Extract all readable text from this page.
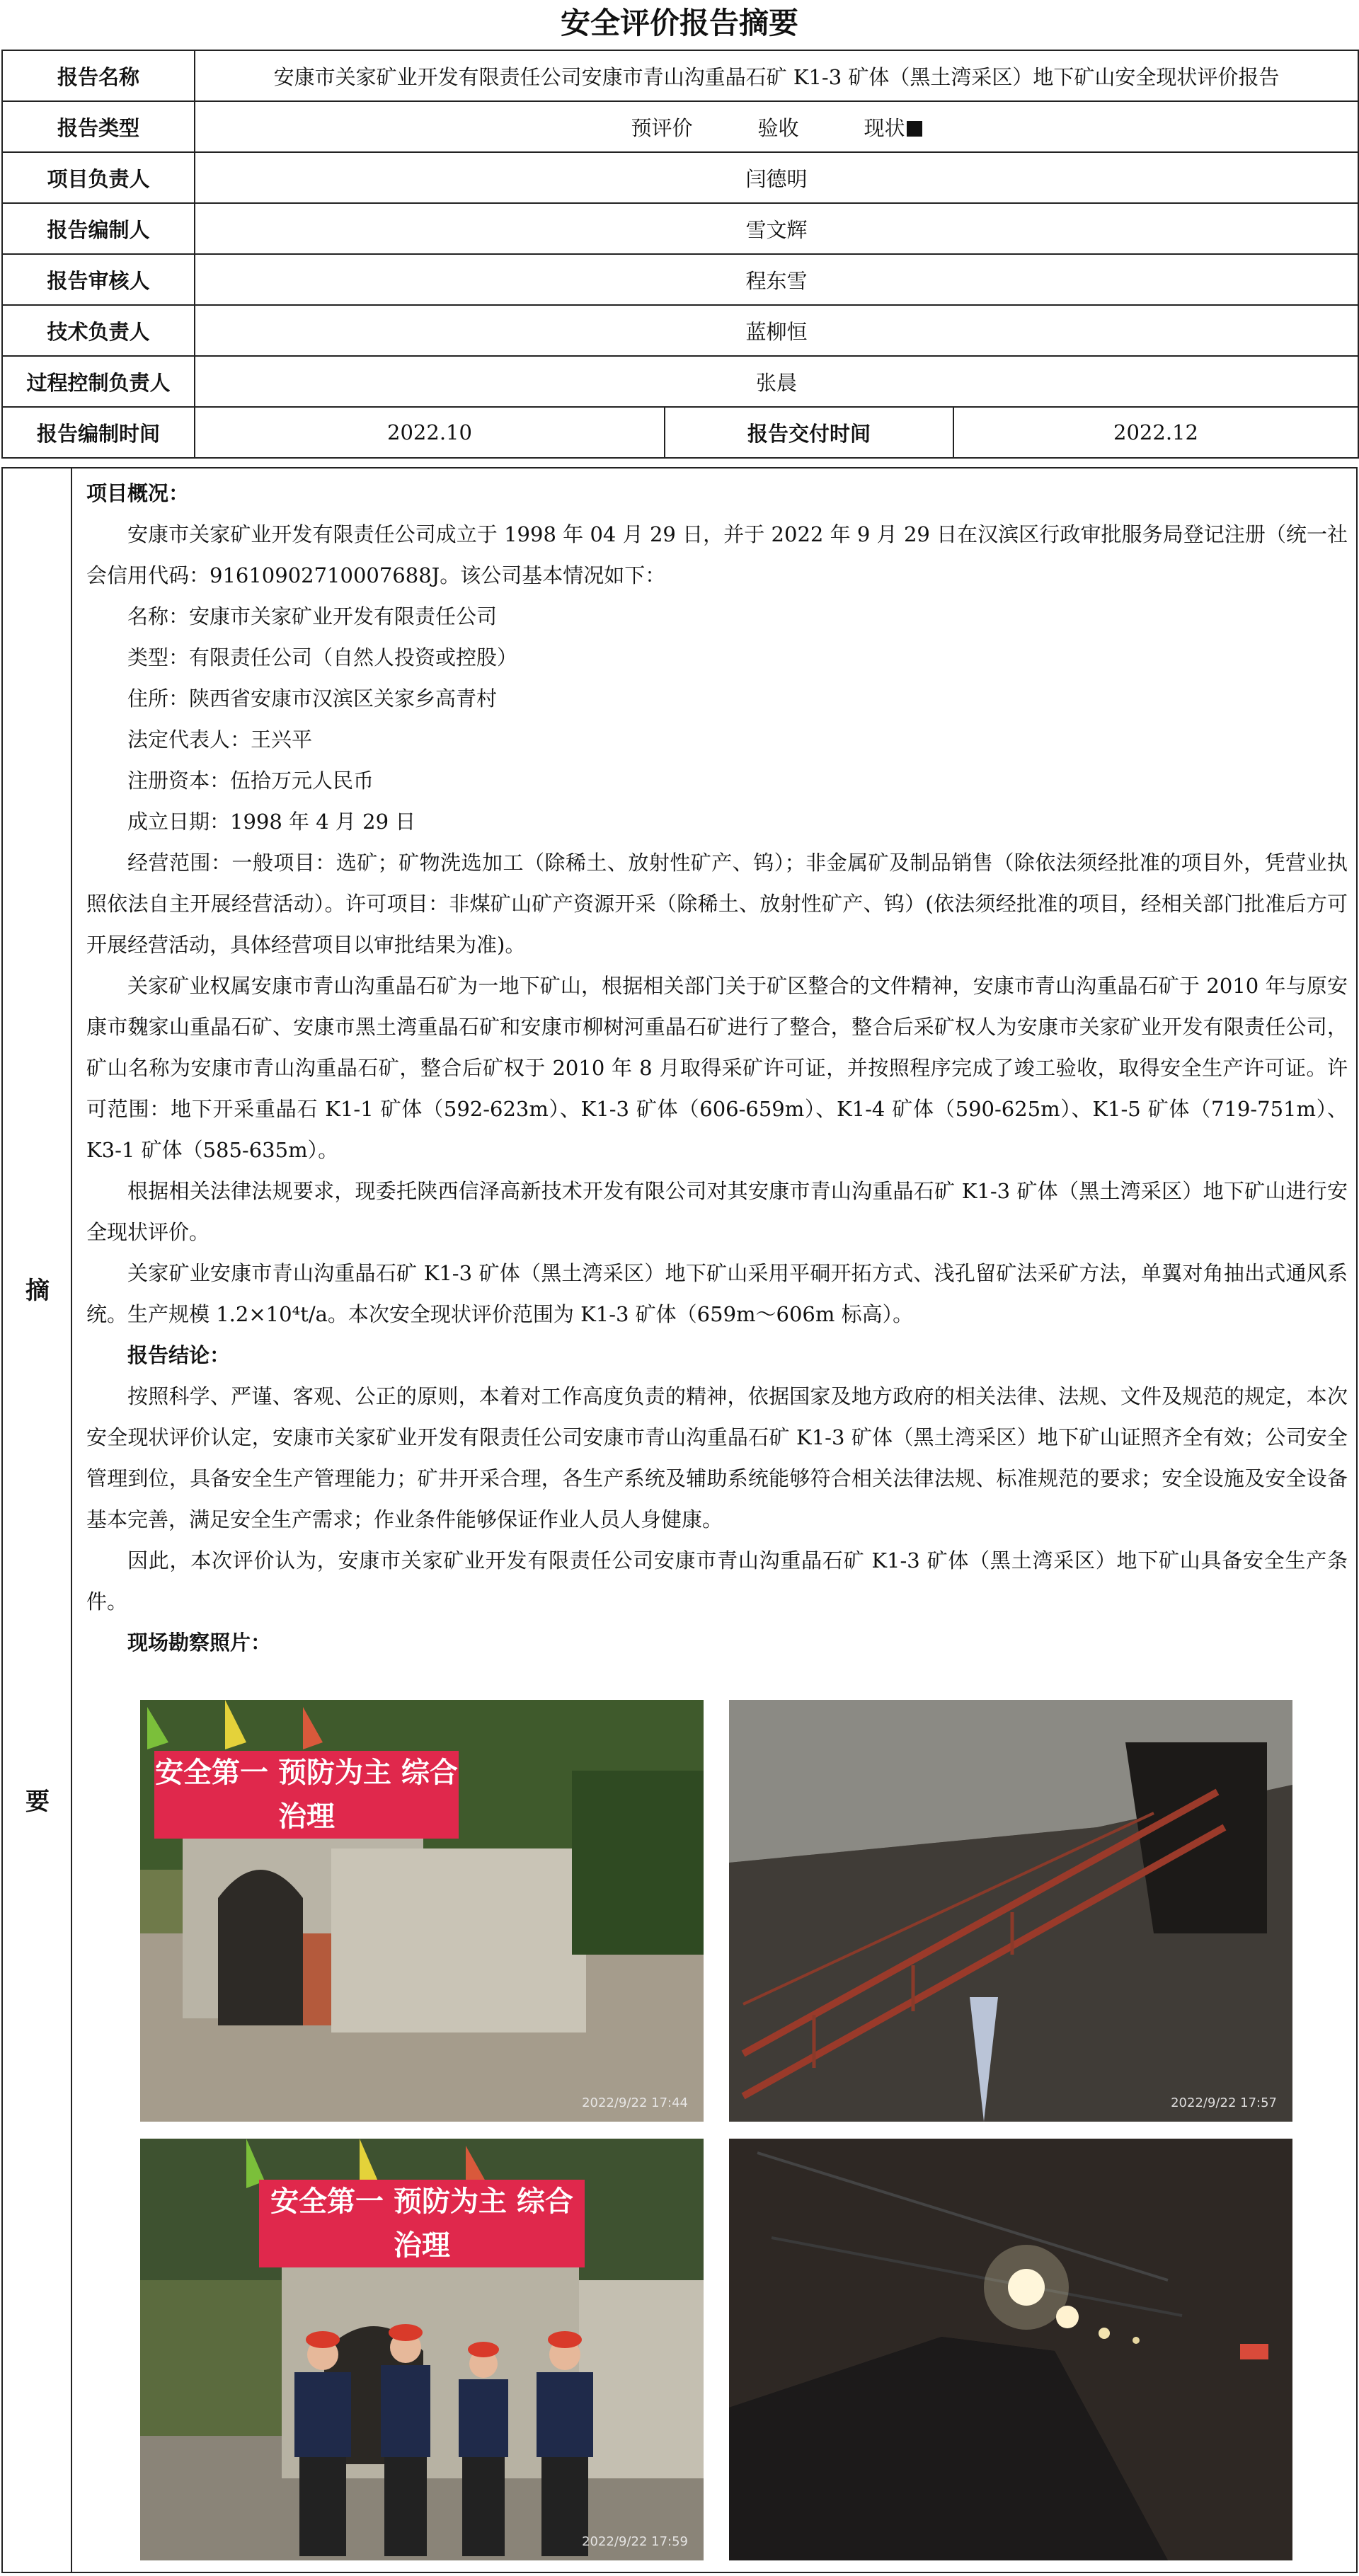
安全评价报告摘要
报告名称	安康市关家矿业开发有限责任公司安康市青山沟重晶石矿 K1-3 矿体（黑土湾采区）地下矿山安全现状评价报告		
报告类型	预评价 验收 现状		
项目负责人	闫德明		
报告编制人	雪文辉		
报告审核人	程东雪		
技术负责人	蓝柳恒		
过程控制负责人	张晨		
报告编制时间	2022.10	报告交付时间	2022.12
摘
要

项目概况：

安康市关家矿业开发有限责任公司成立于 1998 年 04 月 29 日，并于 2022 年 9 月 29 日在汉滨区行政审批服务局登记注册（统一社会信用代码：91610902710007688J。该公司基本情况如下：

名称：安康市关家矿业开发有限责任公司

类型：有限责任公司（自然人投资或控股）

住所：陕西省安康市汉滨区关家乡高青村

法定代表人：王兴平

注册资本：伍拾万元人民币

成立日期：1998 年 4 月 29 日

经营范围：一般项目：选矿；矿物洗选加工（除稀土、放射性矿产、钨）；非金属矿及制品销售（除依法须经批准的项目外，凭营业执照依法自主开展经营活动）。许可项目：非煤矿山矿产资源开采（除稀土、放射性矿产、钨）(依法须经批准的项目，经相关部门批准后方可开展经营活动，具体经营项目以审批结果为准)。

关家矿业权属安康市青山沟重晶石矿为一地下矿山，根据相关部门关于矿区整合的文件精神，安康市青山沟重晶石矿于 2010 年与原安康市魏家山重晶石矿、安康市黑土湾重晶石矿和安康市柳树河重晶石矿进行了整合，整合后采矿权人为安康市关家矿业开发有限责任公司，矿山名称为安康市青山沟重晶石矿，整合后矿权于 2010 年 8 月取得采矿许可证，并按照程序完成了竣工验收，取得安全生产许可证。许可范围：地下开采重晶石 K1-1 矿体（592-623m）、K1-3 矿体（606-659m）、K1-4 矿体（590-625m）、K1-5 矿体（719-751m）、K3-1 矿体（585-635m）。

根据相关法律法规要求，现委托陕西信泽高新技术开发有限公司对其安康市青山沟重晶石矿 K1-3 矿体（黑土湾采区）地下矿山进行安全现状评价。

关家矿业安康市青山沟重晶石矿 K1-3 矿体（黑土湾采区）地下矿山采用平硐开拓方式、浅孔留矿法采矿方法，单翼对角抽出式通风系统。生产规模 1.2×10⁴t/a。本次安全现状评价范围为 K1-3 矿体（659m～606m 标高）。

报告结论：

按照科学、严谨、客观、公正的原则，本着对工作高度负责的精神，依据国家及地方政府的相关法律、法规、文件及规范的规定，本次安全现状评价认定，安康市关家矿业开发有限责任公司安康市青山沟重晶石矿 K1-3 矿体（黑土湾采区）地下矿山证照齐全有效；公司安全管理到位，具备安全生产管理能力；矿井开采合理，各生产系统及辅助系统能够符合相关法律法规、标准规范的要求；安全设施及安全设备基本完善，满足安全生产需求；作业条件能够保证作业人员人身健康。

因此，本次评价认为，安康市关家矿业开发有限责任公司安康市青山沟重晶石矿 K1-3 矿体（黑土湾采区）地下矿山具备安全生产条件。

现场勘察照片：

安全第一 预防为主 综合治理
2022/9/22 17:44	2022/9/22 17:57
安全第一 预防为主 综合治理
2022/9/22 17:59
